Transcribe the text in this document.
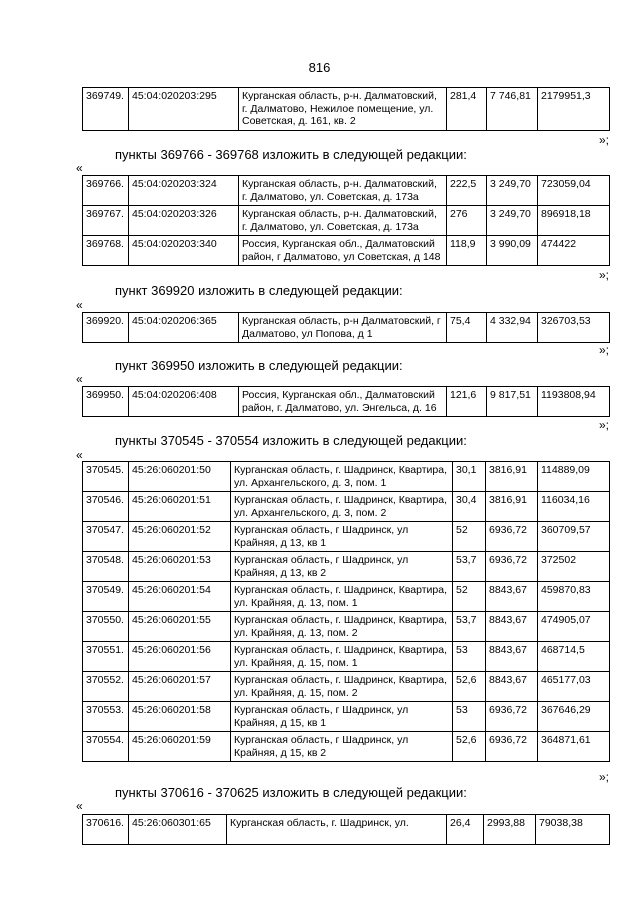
816
369749.	45:04:020203:295	Курганская область, р-н. Далматовский, г. Далматово, Нежилое помещение, ул. Советская, д. 161, кв. 2	281,4	7 746,81	2179951,3
»;
пункты 369766 - 369768 изложить в следующей редакции:
«
369766.	45:04:020203:324	Курганская область, р-н. Далматовский, г. Далматово, ул. Советская, д. 173а	222,5	3 249,70	723059,04
369767.	45:04:020203:326	Курганская область, р-н. Далматовский, г. Далматово, ул. Советская, д. 173а	276	3 249,70	896918,18
369768.	45:04:020203:340	Россия, Курганская обл., Далматовский район, г Далматово, ул Советская, д 148	118,9	3 990,09	474422
»;
пункт 369920 изложить в следующей редакции:
«
369920.	45:04:020206:365	Курганская область, р-н Далматовский, г Далматово, ул Попова, д 1	75,4	4 332,94	326703,53
»;
пункт 369950 изложить в следующей редакции:
«
369950.	45:04:020206:408	Россия, Курганская обл., Далматовский район, г. Далматово, ул. Энгельса, д. 16	121,6	9 817,51	1193808,94
»;
пункты 370545 - 370554 изложить в следующей редакции:
«
370545.	45:26:060201:50	Курганская область, г. Шадринск, Квартира, ул. Архангельского, д. 3, пом. 1	30,1	3816,91	114889,09
370546.	45:26:060201:51	Курганская область, г. Шадринск, Квартира, ул. Архангельского, д. 3, пом. 2	30,4	3816,91	116034,16
370547.	45:26:060201:52	Курганская область, г Шадринск, ул Крайняя, д 13, кв 1	52	6936,72	360709,57
370548.	45:26:060201:53	Курганская область, г Шадринск, ул Крайняя, д 13, кв 2	53,7	6936,72	372502
370549.	45:26:060201:54	Курганская область, г. Шадринск, Квартира, ул. Крайняя, д. 13, пом. 1	52	8843,67	459870,83
370550.	45:26:060201:55	Курганская область, г. Шадринск, Квартира, ул. Крайняя, д. 13, пом. 2	53,7	8843,67	474905,07
370551.	45:26:060201:56	Курганская область, г. Шадринск, Квартира, ул. Крайняя, д. 15, пом. 1	53	8843,67	468714,5
370552.	45:26:060201:57	Курганская область, г. Шадринск, Квартира, ул. Крайняя, д. 15, пом. 2	52,6	8843,67	465177,03
370553.	45:26:060201:58	Курганская область, г Шадринск, ул Крайняя, д 15, кв 1	53	6936,72	367646,29
370554.	45:26:060201:59	Курганская область, г Шадринск, ул Крайняя, д 15, кв 2	52,6	6936,72	364871,61
»;
пункты 370616 - 370625 изложить в следующей редакции:
«
370616.	45:26:060301:65	Курганская область, г. Шадринск, ул.	26,4	2993,88	79038,38
